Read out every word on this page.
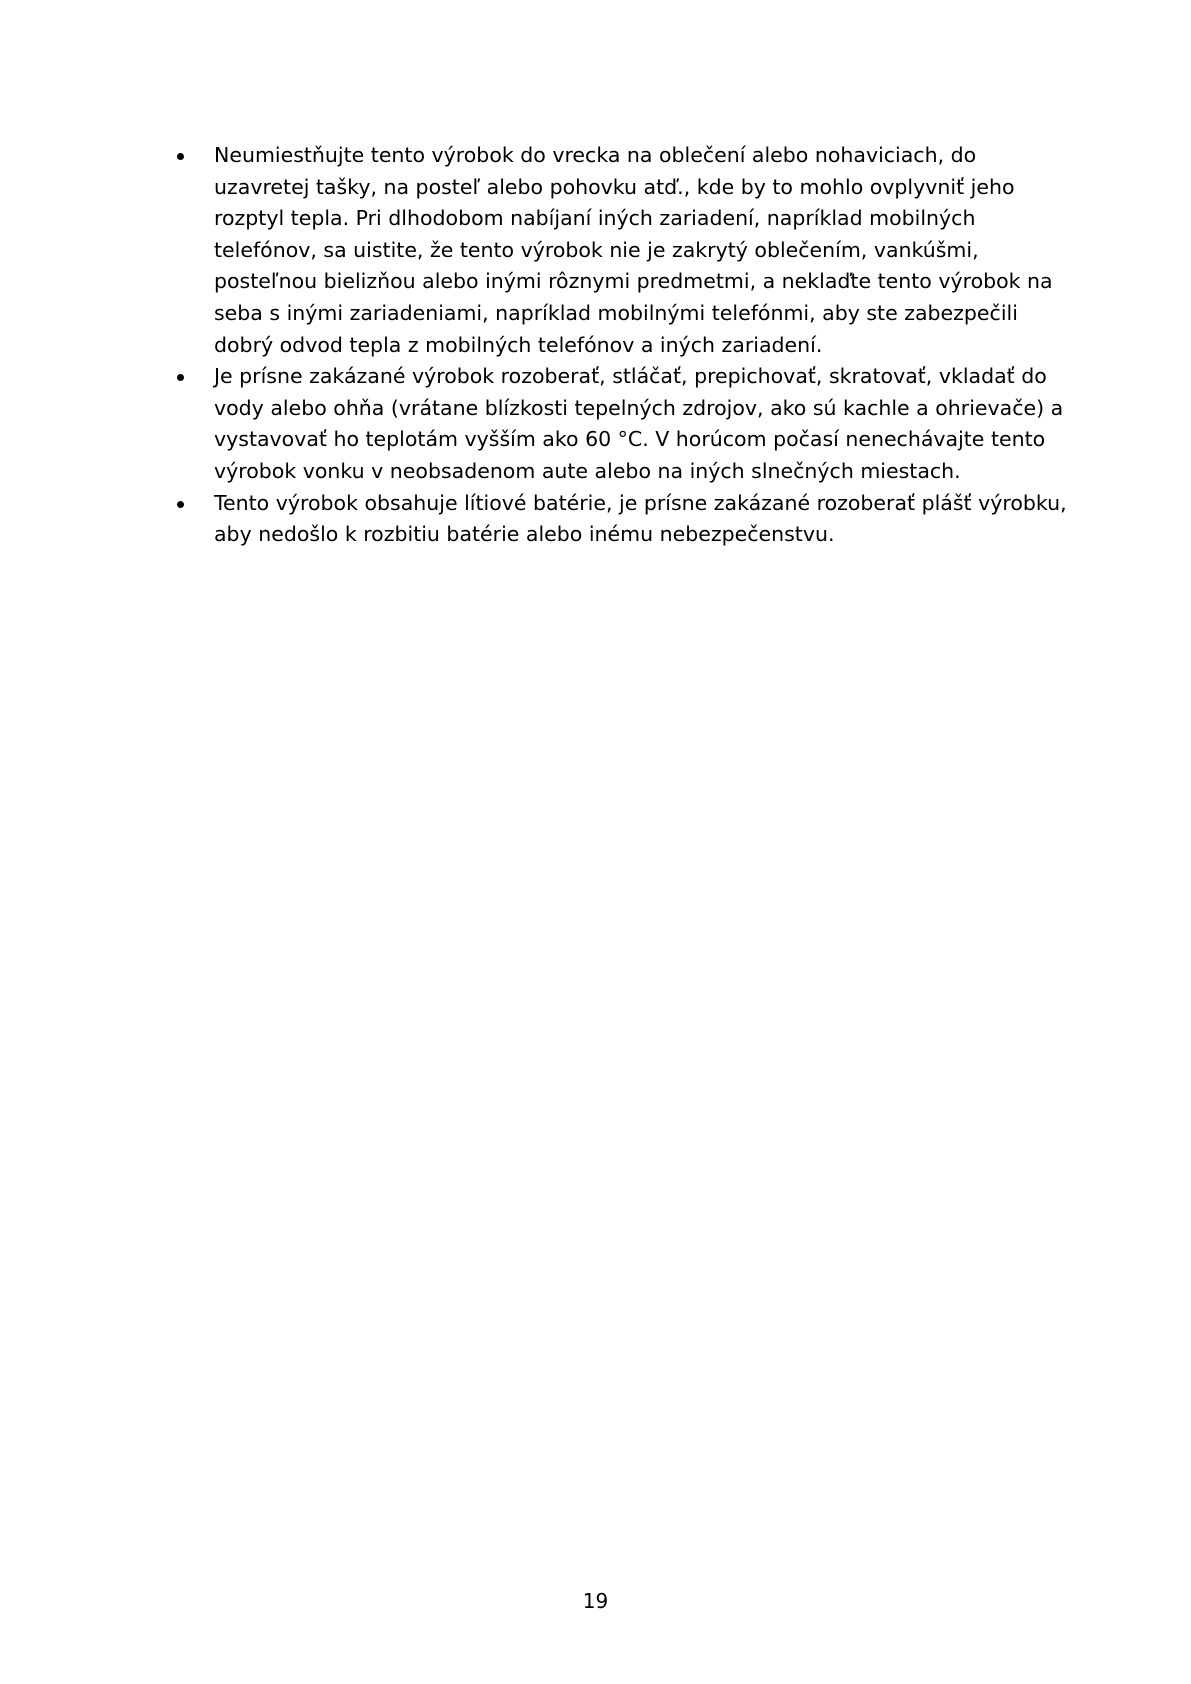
Neumiestňujte tento výrobok do vrecka na oblečení alebo nohaviciach, do uzavretej tašky, na posteľ alebo pohovku atď., kde by to mohlo ovplyvniť jeho rozptyl tepla. Pri dlhodobom nabíjaní iných zariadení, napríklad mobilných telefónov, sa uistite, že tento výrobok nie je zakrytý oblečením, vankúšmi, posteľnou bielizňou alebo inými rôznymi predmetmi, a neklaďte tento výrobok na seba s inými zariadeniami, napríklad mobilnými telefónmi, aby ste zabezpečili dobrý odvod tepla z mobilných telefónov a iných zariadení.
Je prísne zakázané výrobok rozoberať, stláčať, prepichovať, skratovať, vkladať do vody alebo ohňa (vrátane blízkosti tepelných zdrojov, ako sú kachle a ohrievače) a vystavovať ho teplotám vyšším ako 60 °C. V horúcom počasí nenechávajte tento výrobok vonku v neobsadenom aute alebo na iných slnečných miestach.
Tento výrobok obsahuje lítiové batérie, je prísne zakázané rozoberať plášť výrobku, aby nedošlo k rozbitiu batérie alebo inému nebezpečenstvu.
19
